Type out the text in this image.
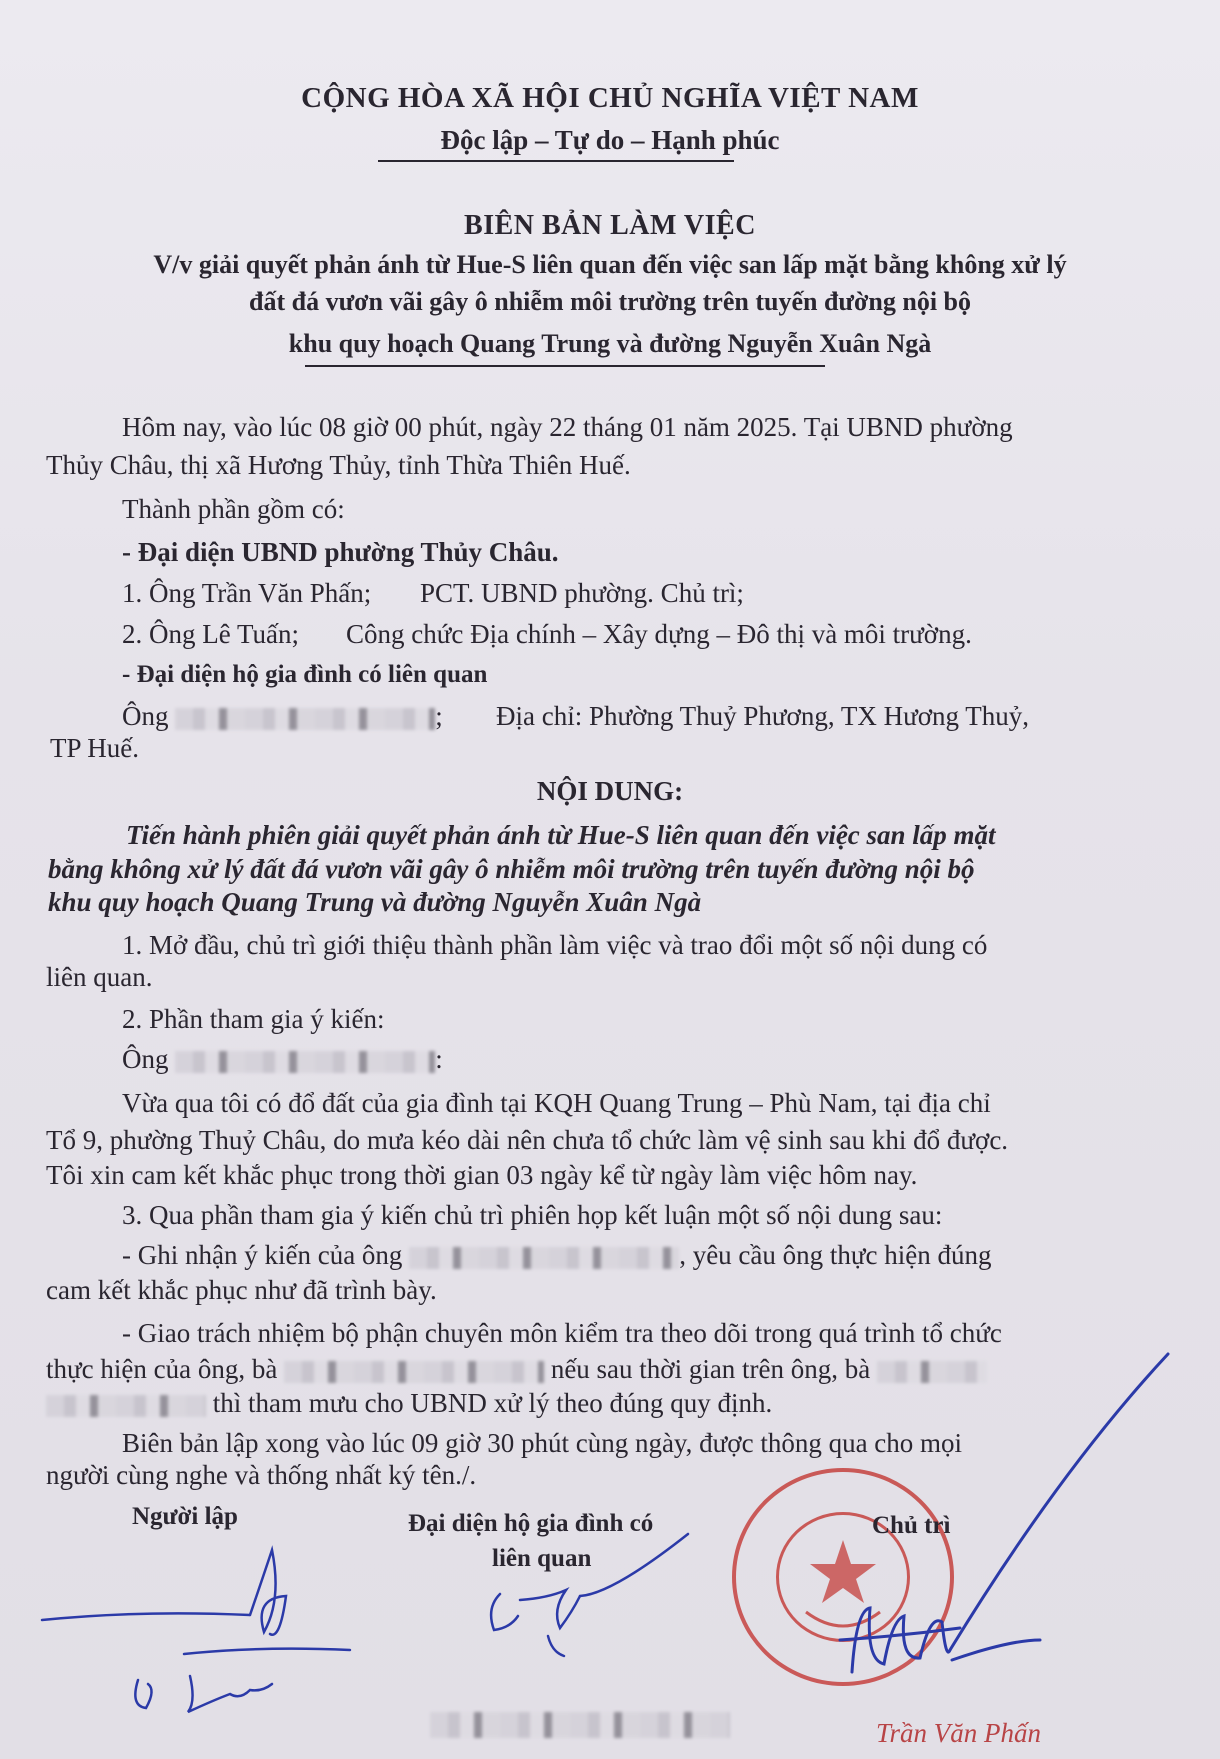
CỘNG HÒA XÃ HỘI CHỦ NGHĨA VIỆT NAM
Độc lập – Tự do – Hạnh phúc
BIÊN BẢN LÀM VIỆC
V/v giải quyết phản ánh từ Hue-S liên quan đến việc san lấp mặt bằng không xử lý
đất đá vươn vãi gây ô nhiễm môi trường trên tuyến đường nội bộ
khu quy hoạch Quang Trung và đường Nguyễn Xuân Ngà
Hôm nay, vào lúc 08 giờ 00 phút, ngày 22 tháng 01 năm 2025. Tại UBND phường
Thủy Châu, thị xã Hương Thủy, tỉnh Thừa Thiên Huế.
Thành phần gồm có:
- Đại diện UBND phường Thủy Châu.
1. Ông Trần Văn Phấn; PCT. UBND phường. Chủ trì;
2. Ông Lê Tuấn; Công chức Địa chính – Xây dựng – Đô thị và môi trường.
- Đại diện hộ gia đình có liên quan
Ông	; Địa chỉ: Phường Thuỷ Phương, TX Hương Thuỷ,
TP Huế.
NỘI DUNG:
Tiến hành phiên giải quyết phản ánh từ Hue-S liên quan đến việc san lấp mặt
bằng không xử lý đất đá vươn vãi gây ô nhiễm môi trường trên tuyến đường nội bộ
khu quy hoạch Quang Trung và đường Nguyễn Xuân Ngà
1. Mở đầu, chủ trì giới thiệu thành phần làm việc và trao đổi một số nội dung có
liên quan.
2. Phần tham gia ý kiến:
Ông	:
Vừa qua tôi có đổ đất của gia đình tại KQH Quang Trung – Phù Nam, tại địa chỉ
Tổ 9, phường Thuỷ Châu, do mưa kéo dài nên chưa tổ chức làm vệ sinh sau khi đổ được.
Tôi xin cam kết khắc phục trong thời gian 03 ngày kể từ ngày làm việc hôm nay.
3. Qua phần tham gia ý kiến chủ trì phiên họp kết luận một số nội dung sau:
- Ghi nhận ý kiến của ông	, yêu cầu ông thực hiện đúng
cam kết khắc phục như đã trình bày.
- Giao trách nhiệm bộ phận chuyên môn kiểm tra theo dõi trong quá trình tổ chức
thực hiện của ông, bà	nếu sau thời gian trên ông, bà
thì tham mưu cho UBND xử lý theo đúng quy định.
Biên bản lập xong vào lúc 09 giờ 30 phút cùng ngày, được thông qua cho mọi
người cùng nghe và thống nhất ký tên./.
Người lập	Đại diện hộ gia đình có
liên quan
Chủ trì
Trần Văn Phấn
